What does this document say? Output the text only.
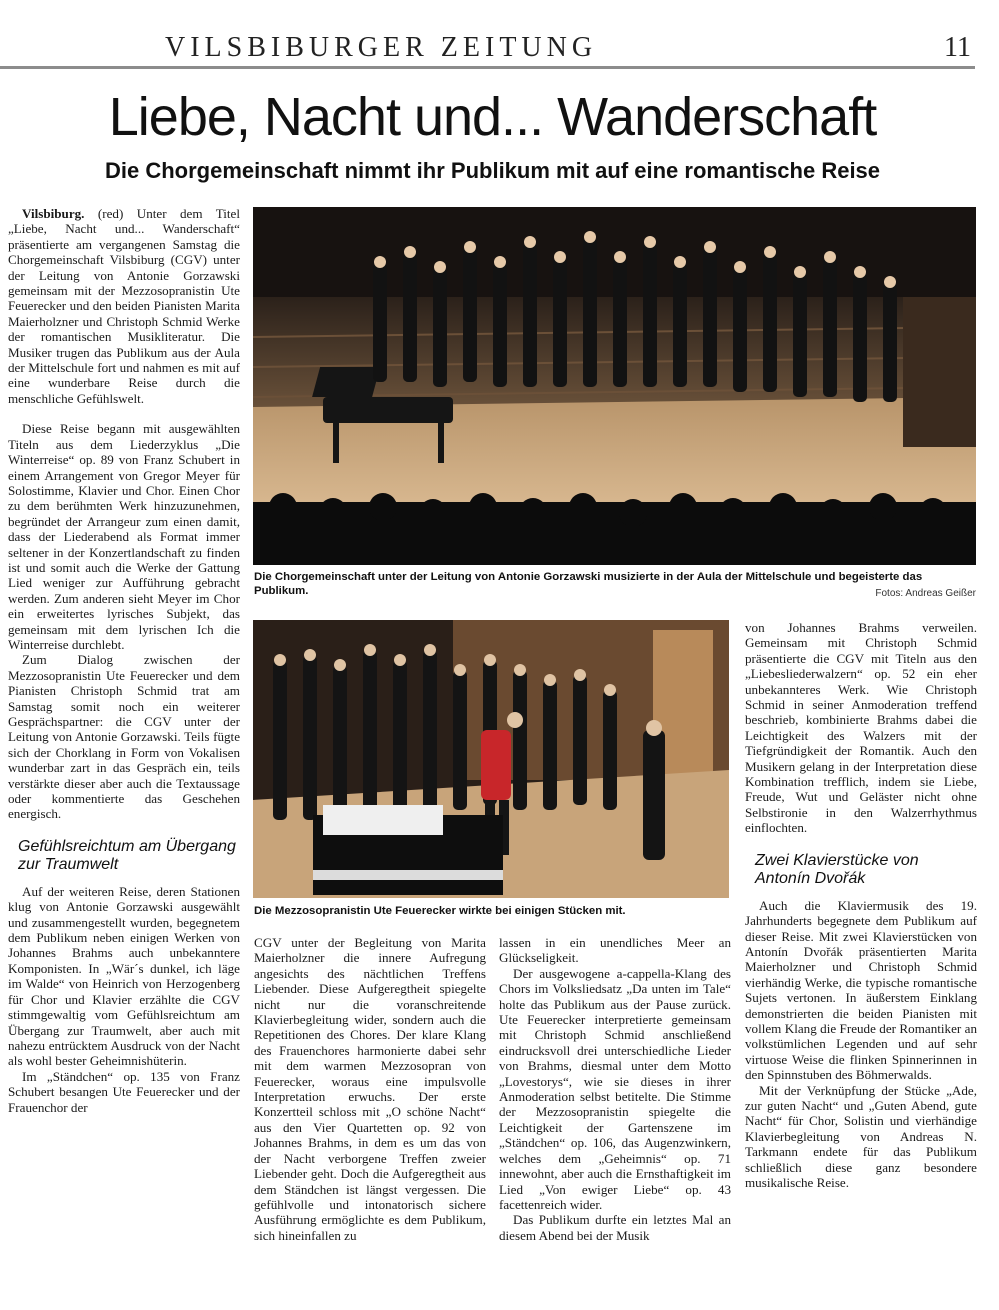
VILSBIBURGER ZEITUNG	11
Liebe, Nacht und... Wanderschaft
Die Chorgemeinschaft nimmt ihr Publikum mit auf eine romantische Reise

Vilsbiburg. (red) Unter dem Titel „Liebe, Nacht und... Wanderschaft“ präsentierte am vergangenen Samstag die Chorgemeinschaft Vilsbiburg (CGV) unter der Leitung von Antonie Gorzawski gemeinsam mit der Mezzosopranistin Ute Feuerecker und den beiden Pianisten Marita Maierholzner und Christoph Schmid Werke der romantischen Musikliteratur. Die Musiker trugen das Publikum aus der Aula der Mittelschule fort und nahmen es mit auf eine wunderbare Reise durch die menschliche Gefühlswelt.

Diese Reise begann mit ausgewählten Titeln aus dem Liederzyklus „Die Winterreise“ op. 89 von Franz Schubert in einem Arrangement von Gregor Meyer für Solostimme, Klavier und Chor. Einen Chor zu dem berühmten Werk hinzuzunehmen, begründet der Arrangeur zum einen damit, dass der Liederabend als Format immer seltener in der Konzertlandschaft zu finden ist und somit auch die Werke der Gattung Lied weniger zur Aufführung gebracht werden. Zum anderen sieht Meyer im Chor ein erweitertes lyrisches Subjekt, das gemeinsam mit dem lyrischen Ich die Winterreise durchlebt.

Zum Dialog zwischen der Mezzosopranistin Ute Feuerecker und dem Pianisten Christoph Schmid trat am Samstag somit noch ein weiterer Gesprächspartner: die CGV unter der Leitung von Antonie Gorzawski. Teils fügte sich der Chorklang in Form von Vokalisen wunderbar zart in das Gespräch ein, teils verstärkte dieser aber auch die Textaussage oder kommentierte das Geschehen energisch.

Gefühlsreichtum am Übergang zur Traumwelt

Auf der weiteren Reise, deren Stationen klug von Antonie Gorzawski ausgewählt und zusammengestellt wurden, begegnetem dem Publikum neben einigen Werken von Johannes Brahms auch unbekanntere Komponisten. In „Wär´s dunkel, ich läge im Walde“ von Heinrich von Herzogenberg für Chor und Klavier erzählte die CGV stimmgewaltig vom Gefühlsreichtum am Übergang zur Traumwelt, aber auch mit nahezu entrücktem Ausdruck von der Nacht als wohl bester Geheimnishüterin.

Im „Ständchen“ op. 135 von Franz Schubert besangen Ute Feuerecker und der Frauenchor der

Die Chorgemeinschaft unter der Leitung von Antonie Gorzawski musizierte in der Aula der Mittelschule und begeisterte das Publikum.	Fotos: Andreas Geißer
Die Mezzosopranistin Ute Feuerecker wirkte bei einigen Stücken mit.

CGV unter der Begleitung von Marita Maierholzner die innere Aufregung angesichts des nächtlichen Treffens Liebender. Diese Aufgeregtheit spiegelte nicht nur die voranschreitende Klavierbegleitung wider, sondern auch die Repetitionen des Chores. Der klare Klang des Frauenchores harmonierte dabei sehr mit dem warmen Mezzosopran von Feuerecker, woraus eine impulsvolle Interpretation erwuchs. Der erste Konzertteil schloss mit „O schöne Nacht“ aus den Vier Quartetten op. 92 von Johannes Brahms, in dem es um das von der Nacht verborgene Treffen zweier Liebender geht. Doch die Aufgeregtheit aus dem Ständchen ist längst vergessen. Die gefühlvolle und intonatorisch sichere Ausführung ermöglichte es dem Publikum, sich hineinfallen zu

lassen in ein unendliches Meer an Glückseligkeit.

Der ausgewogene a-cappella-Klang des Chors im Volksliedsatz „Da unten im Tale“ holte das Publikum aus der Pause zurück. Ute Feuerecker interpretierte gemeinsam mit Christoph Schmid anschließend eindrucksvoll drei unterschiedliche Lieder von Brahms, diesmal unter dem Motto „Lovestorys“, wie sie dieses in ihrer Anmoderation selbst betitelte. Die Stimme der Mezzosopranistin spiegelte die Leichtigkeit der Gartenszene im „Ständchen“ op. 106, das Augenzwinkern, welches dem „Geheimnis“ op. 71 innewohnt, aber auch die Ernsthaftigkeit im Lied „Von ewiger Liebe“ op. 43 facettenreich wider.

Das Publikum durfte ein letztes Mal an diesem Abend bei der Musik

von Johannes Brahms verweilen. Gemeinsam mit Christoph Schmid präsentierte die CGV mit Titeln aus den „Liebesliederwalzern“ op. 52 ein eher unbekannteres Werk. Wie Christoph Schmid in seiner Anmoderation treffend beschrieb, kombinierte Brahms dabei die Leichtigkeit des Walzers mit der Tiefgründigkeit der Romantik. Auch den Musikern gelang in der Interpretation diese Kombination trefflich, indem sie Liebe, Freude, Wut und Geläster nicht ohne Selbstironie in den Walzerrhythmus einflochten.

Zwei Klavierstücke von Antonín Dvořák

Auch die Klaviermusik des 19. Jahrhunderts begegnete dem Publikum auf dieser Reise. Mit zwei Klavierstücken von Antonín Dvořák präsentierten Marita Maierholzner und Christoph Schmid vierhändig Werke, die typische romantische Sujets vertonen. In äußerstem Einklang demonstrierten die beiden Pianisten mit vollem Klang die Freude der Romantiker an volkstümlichen Legenden und auf sehr virtuose Weise die flinken Spinnerinnen in den Spinnstuben des Böhmerwalds.

Mit der Verknüpfung der Stücke „Ade, zur guten Nacht“ und „Guten Abend, gute Nacht“ für Chor, Solistin und vierhändige Klavierbegleitung von Andreas N. Tarkmann endete für das Publikum schließlich diese ganz besondere musikalische Reise.
